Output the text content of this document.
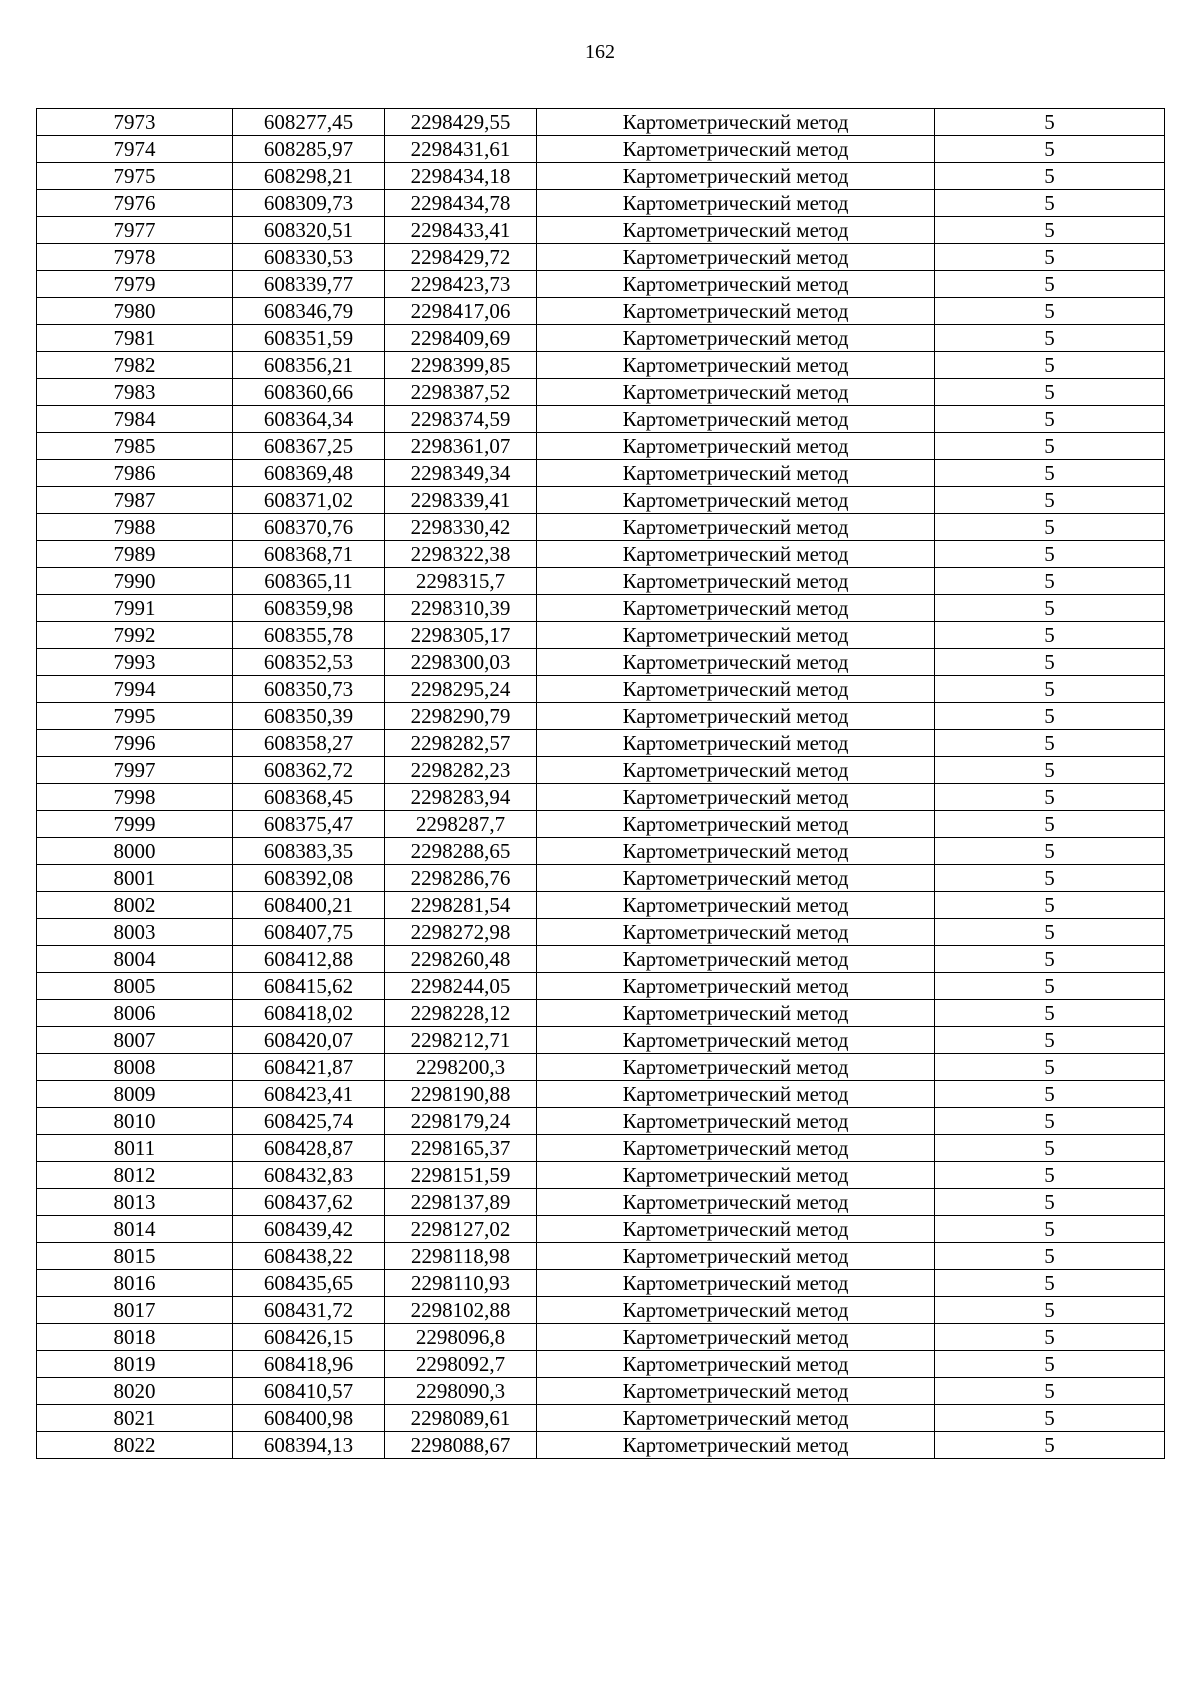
162
7973	608277,45	2298429,55	Картометрический метод	5
7974	608285,97	2298431,61	Картометрический метод	5
7975	608298,21	2298434,18	Картометрический метод	5
7976	608309,73	2298434,78	Картометрический метод	5
7977	608320,51	2298433,41	Картометрический метод	5
7978	608330,53	2298429,72	Картометрический метод	5
7979	608339,77	2298423,73	Картометрический метод	5
7980	608346,79	2298417,06	Картометрический метод	5
7981	608351,59	2298409,69	Картометрический метод	5
7982	608356,21	2298399,85	Картометрический метод	5
7983	608360,66	2298387,52	Картометрический метод	5
7984	608364,34	2298374,59	Картометрический метод	5
7985	608367,25	2298361,07	Картометрический метод	5
7986	608369,48	2298349,34	Картометрический метод	5
7987	608371,02	2298339,41	Картометрический метод	5
7988	608370,76	2298330,42	Картометрический метод	5
7989	608368,71	2298322,38	Картометрический метод	5
7990	608365,11	2298315,7	Картометрический метод	5
7991	608359,98	2298310,39	Картометрический метод	5
7992	608355,78	2298305,17	Картометрический метод	5
7993	608352,53	2298300,03	Картометрический метод	5
7994	608350,73	2298295,24	Картометрический метод	5
7995	608350,39	2298290,79	Картометрический метод	5
7996	608358,27	2298282,57	Картометрический метод	5
7997	608362,72	2298282,23	Картометрический метод	5
7998	608368,45	2298283,94	Картометрический метод	5
7999	608375,47	2298287,7	Картометрический метод	5
8000	608383,35	2298288,65	Картометрический метод	5
8001	608392,08	2298286,76	Картометрический метод	5
8002	608400,21	2298281,54	Картометрический метод	5
8003	608407,75	2298272,98	Картометрический метод	5
8004	608412,88	2298260,48	Картометрический метод	5
8005	608415,62	2298244,05	Картометрический метод	5
8006	608418,02	2298228,12	Картометрический метод	5
8007	608420,07	2298212,71	Картометрический метод	5
8008	608421,87	2298200,3	Картометрический метод	5
8009	608423,41	2298190,88	Картометрический метод	5
8010	608425,74	2298179,24	Картометрический метод	5
8011	608428,87	2298165,37	Картометрический метод	5
8012	608432,83	2298151,59	Картометрический метод	5
8013	608437,62	2298137,89	Картометрический метод	5
8014	608439,42	2298127,02	Картометрический метод	5
8015	608438,22	2298118,98	Картометрический метод	5
8016	608435,65	2298110,93	Картометрический метод	5
8017	608431,72	2298102,88	Картометрический метод	5
8018	608426,15	2298096,8	Картометрический метод	5
8019	608418,96	2298092,7	Картометрический метод	5
8020	608410,57	2298090,3	Картометрический метод	5
8021	608400,98	2298089,61	Картометрический метод	5
8022	608394,13	2298088,67	Картометрический метод	5
